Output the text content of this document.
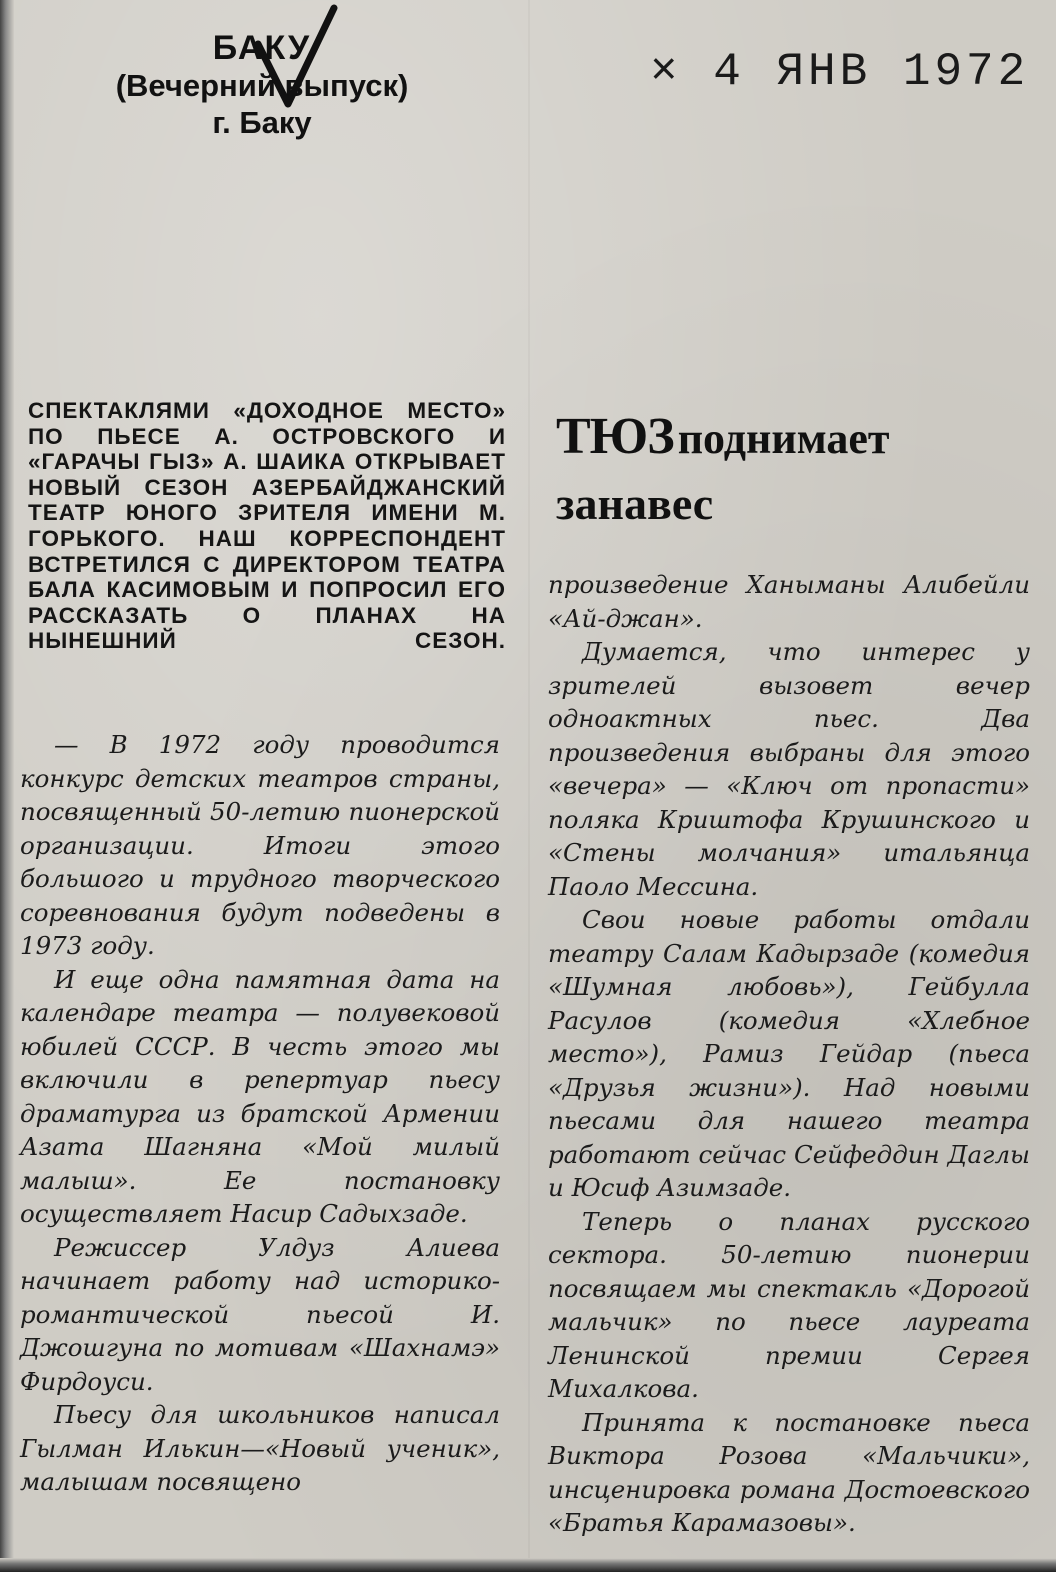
БАКУ
(Вечерний выпуск)
г. Баку
× 4 ЯНВ 1972
СПЕКТАКЛЯМИ «ДОХОДНОЕ МЕСТО» ПО ПЬЕСЕ А. ОСТРОВСКОГО И «ГАРАЧЫ ГЫЗ» А. ШАИКА ОТКРЫВАЕТ НОВЫЙ СЕЗОН АЗЕРБАЙДЖАНСКИЙ ТЕАТР ЮНОГО ЗРИТЕЛЯ ИМЕНИ М. ГОРЬКОГО. НАШ КОРРЕСПОНДЕНТ ВСТРЕТИЛСЯ С ДИРЕКТОРОМ ТЕАТРА БАЛА КАСИМОВЫМ И ПОПРОСИЛ ЕГО РАССКАЗАТЬ О ПЛАНАХ НА НЫНЕШНИЙ СЕЗОН.
ТЮЗ поднимает
занавес

— В 1972 году проводится конкурс детских театров страны, посвященный 50-летию пионерской организации. Итоги этого большого и трудного творческого соревнования будут подведены в 1973 году.

И еще одна памятная дата на календаре театра — полувековой юбилей СССР. В честь этого мы включили в репертуар пьесу драматурга из братской Армении Азата Шагняна «Мой милый малыш». Ее постановку осуществляет Насир Садыхзаде.

Режиссер Улдуз Алиева начинает работу над историко-романтической пьесой И. Джошгуна по мотивам «Шахнамэ» Фирдоуси.

Пьесу для школьников написал Гылман Илькин—«Новый ученик», малышам посвящено

произведение Ханыманы Алибейли «Ай-джан».

Думается, что интерес у зрителей вызовет вечер одноактных пьес. Два произведения выбраны для этого «вечера» — «Ключ от пропасти» поляка Криштофа Крушинского и «Стены молчания» итальянца Паоло Мессина.

Свои новые работы отдали театру Салам Кадырзаде (комедия «Шумная любовь»), Гейбулла Расулов (комедия «Хлебное место»), Рамиз Гейдар (пьеса «Друзья жизни»). Над новыми пьесами для нашего театра работают сейчас Сейфеддин Даглы и Юсиф Азимзаде.

Теперь о планах русского сектора. 50-летию пионерии посвящаем мы спектакль «Дорогой мальчик» по пьесе лауреата Ленинской премии Сергея Михалкова.

Принята к постановке пьеса Виктора Розова «Мальчики», инсценировка романа Достоевского «Братья Карамазовы».
